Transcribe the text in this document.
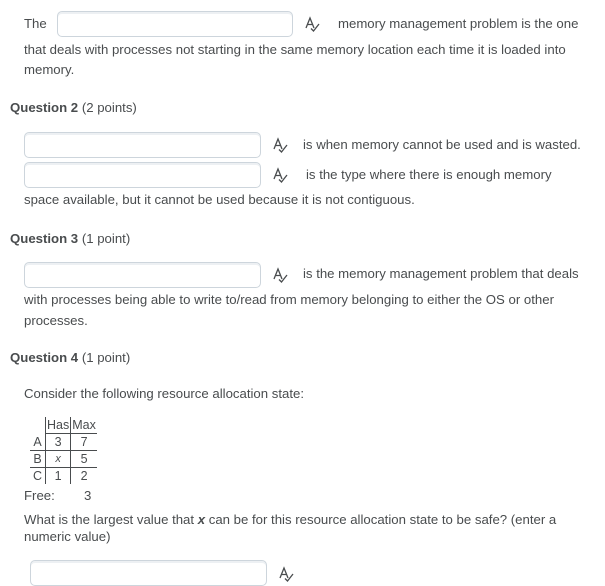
The	memory management problem is the one
that deals with processes not starting in the same memory location each time it is loaded into
memory.
Question 2 (2 points)
is when memory cannot be used and is wasted.
is the type where there is enough memory
space available, but it cannot be used because it is not contiguous.
Question 3 (1 point)
is the memory management problem that deals
with processes being able to write to/read from memory belonging to either the OS or other
processes.
Question 4 (1 point)
Consider the following resource allocation state:
	Has	Max
A	3	7
B	x	5
C	1	2
Free: 3
What is the largest value that x can be for this resource allocation state to be safe? (enter a
numeric value)
